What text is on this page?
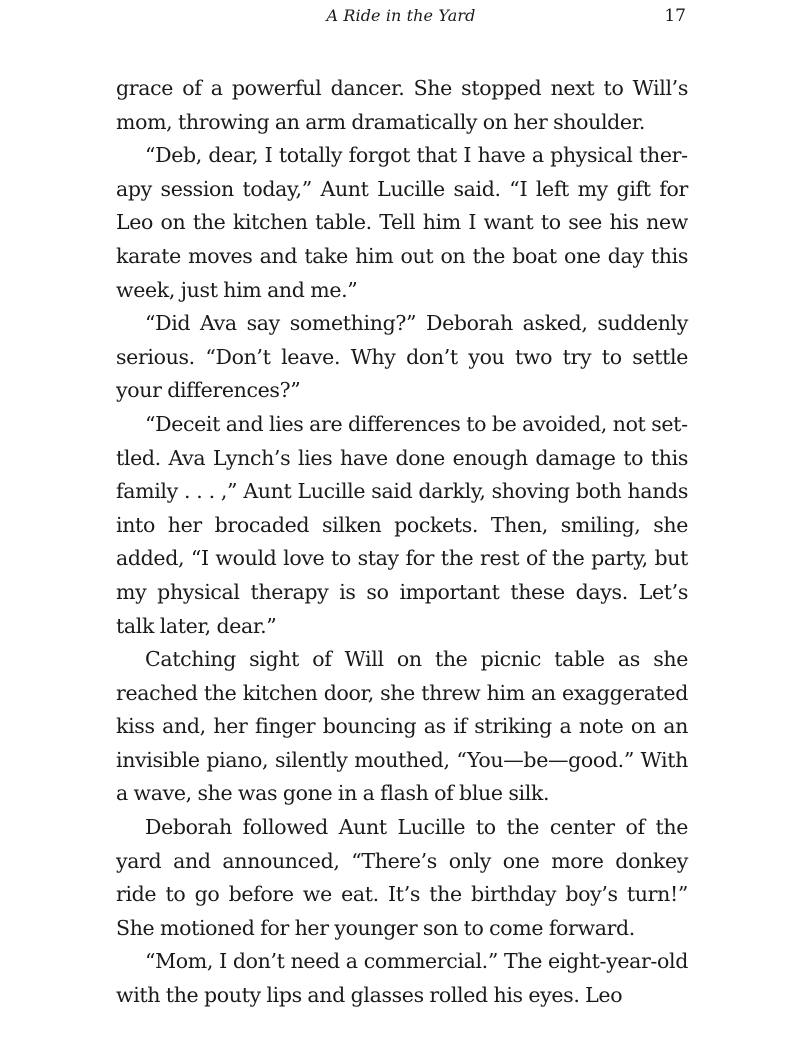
A Ride in the Yard	17

grace of a powerful dancer. She stopped next to Will’s mom, throwing an arm dramatically on her shoulder.

“Deb, dear, I totally forgot that I have a physical therapy session today,” Aunt Lucille said. “I left my gift for Leo on the kitchen table. Tell him I want to see his new karate moves and take him out on the boat one day this week, just him and me.”

“Did Ava say something?” Deborah asked, suddenly serious. “Don’t leave. Why don’t you two try to settle your differences?”

“Deceit and lies are differences to be avoided, not settled. Ava Lynch’s lies have done enough damage to this family . . . ,” Aunt Lucille said darkly, shoving both hands into her brocaded silken pockets. Then, smiling, she added, “I would love to stay for the rest of the party, but my physical therapy is so important these days. Let’s talk later, dear.”

Catching sight of Will on the picnic table as she reached the kitchen door, she threw him an exaggerated kiss and, her finger bouncing as if striking a note on an invisible piano, silently mouthed, “You—be—good.” With a wave, she was gone in a flash of blue silk.

Deborah followed Aunt Lucille to the center of the yard and announced, “There’s only one more donkey ride to go before we eat. It’s the birthday boy’s turn!” She motioned for her younger son to come forward.

“Mom, I don’t need a commercial.” The eight-year-old with the pouty lips and glasses rolled his eyes. Leo
